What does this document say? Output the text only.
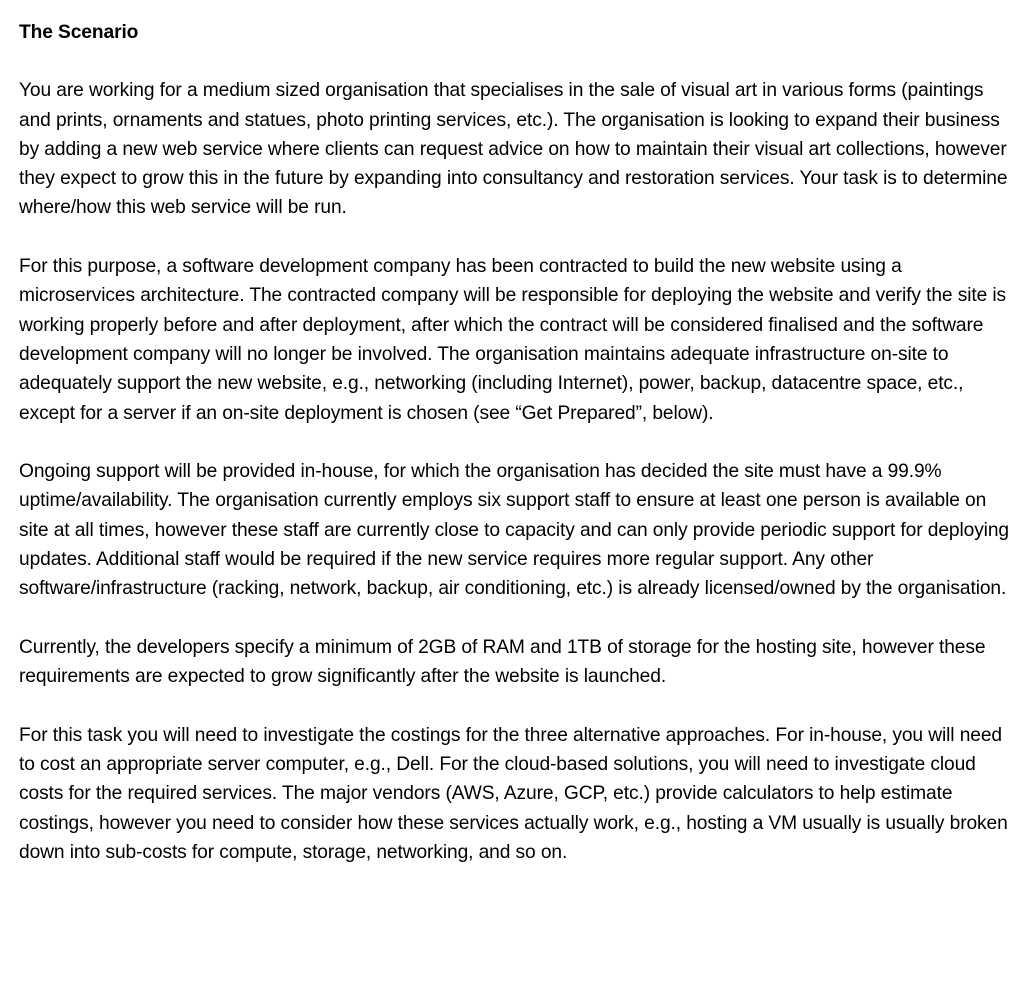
The Scenario

You are working for a medium sized organisation that specialises in the sale of visual art in various forms (paintings and prints, ornaments and statues, photo printing services, etc.). The organisation is looking to expand their business by adding a new web service where clients can request advice on how to maintain their visual art collections, however they expect to grow this in the future by expanding into consultancy and restoration services. Your task is to determine where/how this web service will be run.

For this purpose, a software development company has been contracted to build the new website using a microservices architecture. The contracted company will be responsible for deploying the website and verify the site is working properly before and after deployment, after which the contract will be considered finalised and the software development company will no longer be involved. The organisation maintains adequate infrastructure on-site to adequately support the new website, e.g., networking (including Internet), power, backup, datacentre space, etc., except for a server if an on-site deployment is chosen (see “Get Prepared”, below).

Ongoing support will be provided in-house, for which the organisation has decided the site must have a 99.9% uptime/availability. The organisation currently employs six support staff to ensure at least one person is available on site at all times, however these staff are currently close to capacity and can only provide periodic support for deploying updates. Additional staff would be required if the new service requires more regular support. Any other software/infrastructure (racking, network, backup, air conditioning, etc.) is already licensed/owned by the organisation.

Currently, the developers specify a minimum of 2GB of RAM and 1TB of storage for the hosting site, however these requirements are expected to grow significantly after the website is launched.

For this task you will need to investigate the costings for the three alternative approaches. For in-house, you will need to cost an appropriate server computer, e.g., Dell. For the cloud-based solutions, you will need to investigate cloud costs for the required services. The major vendors (AWS, Azure, GCP, etc.) provide calculators to help estimate costings, however you need to consider how these services actually work, e.g., hosting a VM usually is usually broken down into sub-costs for compute, storage, networking, and so on.
